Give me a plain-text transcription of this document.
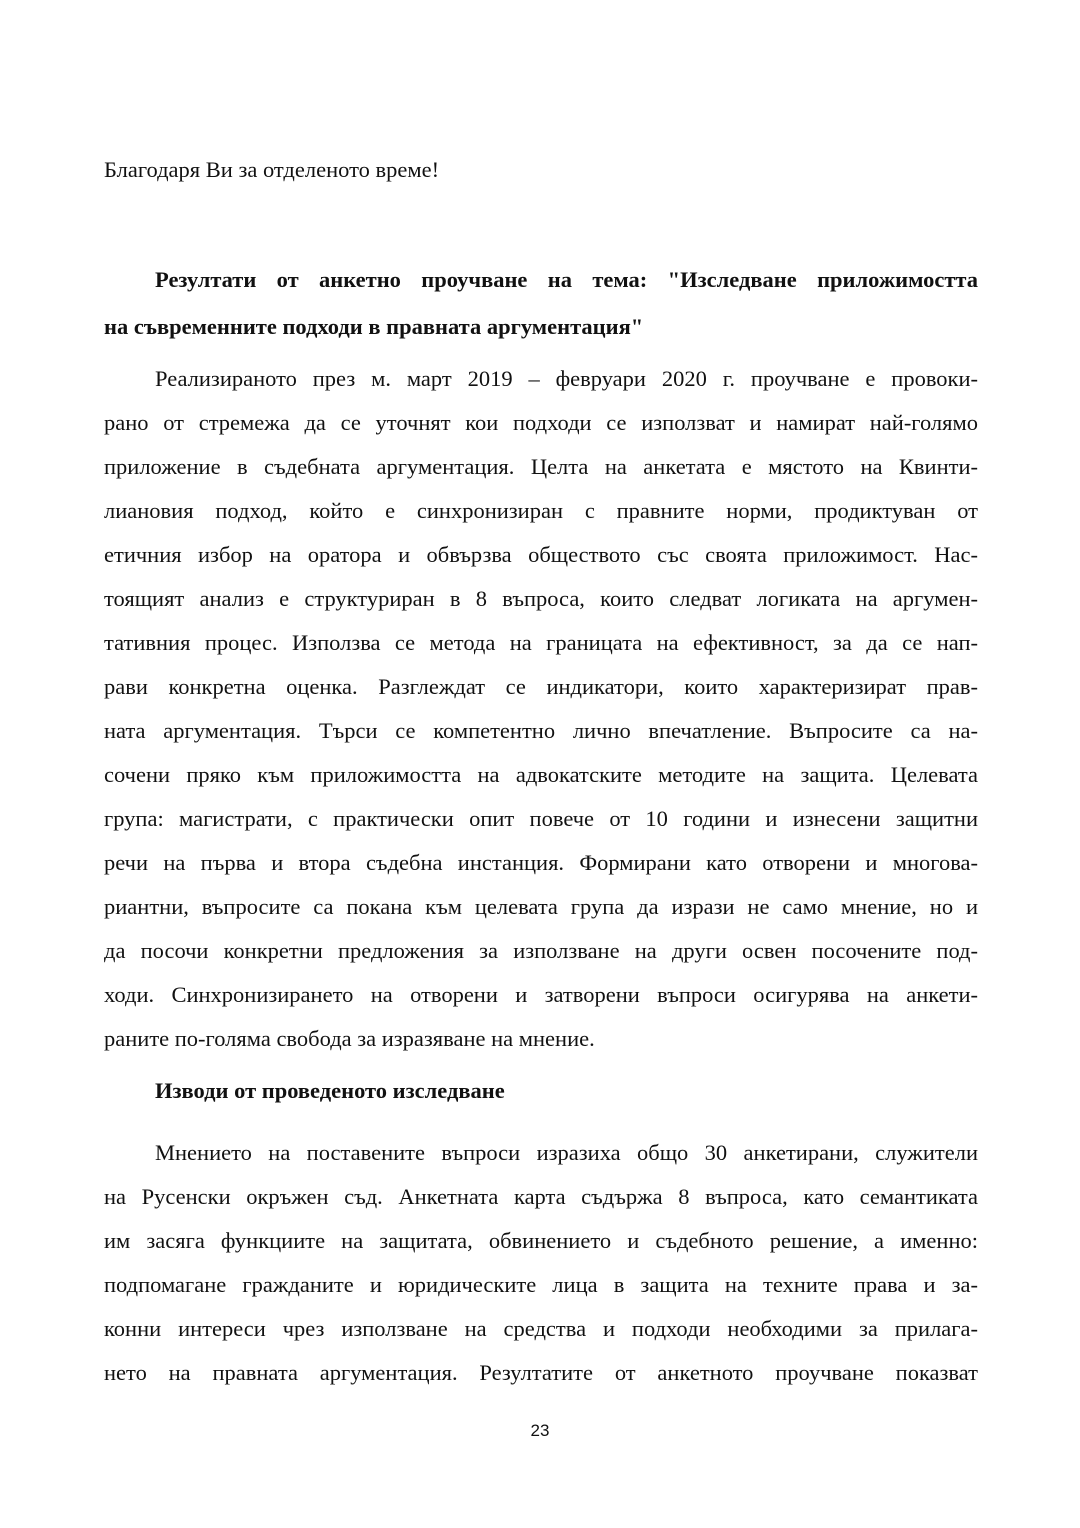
Благодаря Ви за отделеното време!
Резултати от анкетно проучване на тема: "Изследване приложимостта
на съвременните подходи в правната аргументация"
Реализираното през м. март 2019 – февруари 2020 г. проучване е провоки-
рано от стремежа да се уточнят кои подходи се използват и намират най-голямо
приложение в съдебната аргументация. Целта на анкетата е мястото на Квинти-
лиановия подход, който е синхронизиран с правните норми, продиктуван от
етичния избор на оратора и обвързва обществото със своята приложимост. Нас-
тоящият анализ е структуриран в 8 въпроса, които следват логиката на аргумен-
тативния процес. Използва се метода на границата на ефективност, за да се нап-
рави конкретна оценка. Разглеждат се индикатори, които характеризират прав-
ната аргументация. Търси се компетентно лично впечатление. Въпросите са на-
сочени пряко към приложимостта на адвокатските методите на защита. Целевата
група: магистрати, с практически опит повече от 10 години и изнесени защитни
речи на първа и втора съдебна инстанция. Формирани като отворени и многова-
риантни, въпросите са покана към целевата група да изрази не само мнение, но и
да посочи конкретни предложения за използване на други освен посочените под-
ходи. Синхронизирането на отворени и затворени въпроси осигурява на анкети-
раните по-голяма свобода за изразяване на мнение.
Изводи от проведеното изследване
Мнението на поставените въпроси изразиха общо 30 анкетирани, служители
на Русенски окръжен съд. Анкетната карта съдържа 8 въпроса, като семантиката
им засяга функциите на защитата, обвинението и съдебното решение, а именно:
подпомагане гражданите и юридическите лица в защита на техните права и за-
конни интереси чрез използване на средства и подходи необходими за прилага-
нето на правната аргументация. Резултатите от анкетното проучване показват
23
